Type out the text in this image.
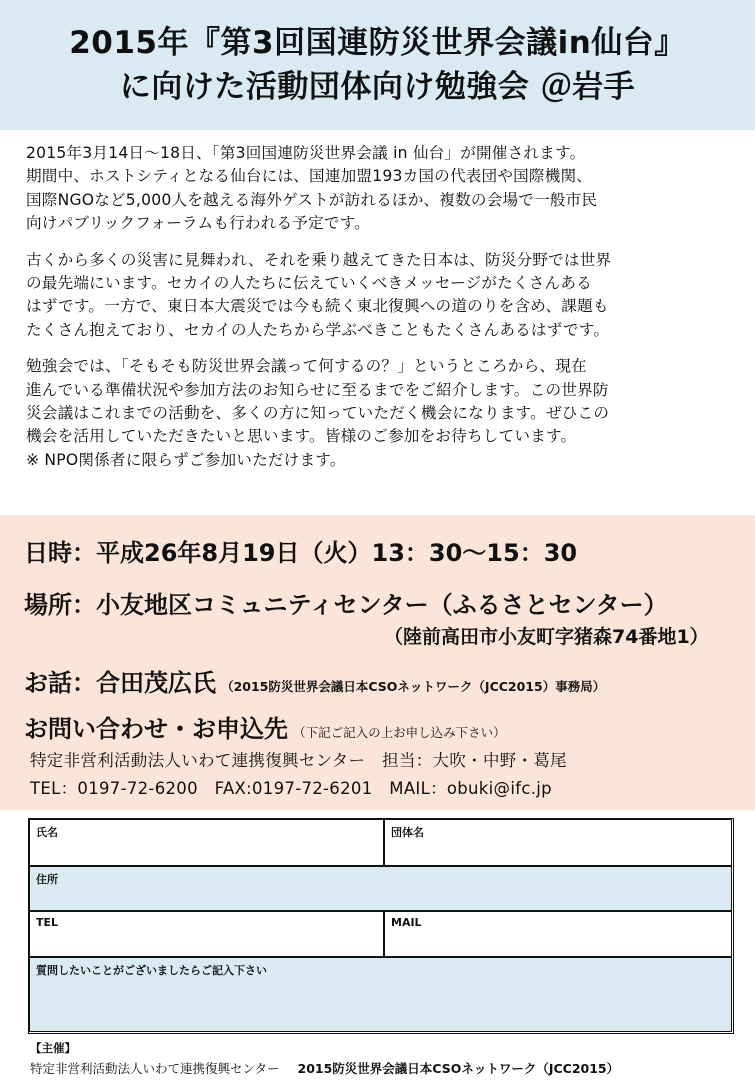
2015年『第3回国連防災世界会議in仙台』
に向けた活動団体向け勉強会 ＠岩手

2015年3月14日〜18日、「第3回国連防災世界会議 in 仙台」が開催されます。
期間中、ホストシティとなる仙台には、国連加盟193カ国の代表団や国際機関、
国際NGOなど5,000人を越える海外ゲストが訪れるほか、複数の会場で一般市民
向けパブリックフォーラムも行われる予定です。

古くから多くの災害に見舞われ、それを乗り越えてきた日本は、防災分野では世界
の最先端にいます。セカイの人たちに伝えていくべきメッセージがたくさんある
はずです。一方で、東日本大震災では今も続く東北復興への道のりを含め、課題も
たくさん抱えており、セカイの人たちから学ぶべきこともたくさんあるはずです。

勉強会では、「そもそも防災世界会議って何するの？」というところから、現在
進んでいる準備状況や参加方法のお知らせに至るまでをご紹介します。この世界防
災会議はこれまでの活動を、多くの方に知っていただく機会になります。ぜひこの
機会を活用していただきたいと思います。皆様のご参加をお待ちしています。
※ NPO関係者に限らずご参加いただけます。

日時：平成26年8月19日（火）13：30〜15：30
場所：小友地区コミュニティセンター（ふるさとセンター）
（陸前高田市小友町字猪森74番地1）
お話：合田茂広氏 （2015防災世界会議日本CSOネットワーク（JCC2015）事務局）
お問い合わせ・お申込先 （下記ご記入の上お申し込み下さい）
特定非営利活動法人いわて連携復興センター　担当：大吹・中野・葛尾
TEL：0197-72-6200　FAX:0197-72-6201　MAIL：obuki@ifc.jp
氏名	団体名
住所
TEL	MAIL
質問したいことがございましたらご記入下さい
【主催】
特定非営利活動法人いわて連携復興センター 2015防災世界会議日本CSOネットワーク（JCC2015）
